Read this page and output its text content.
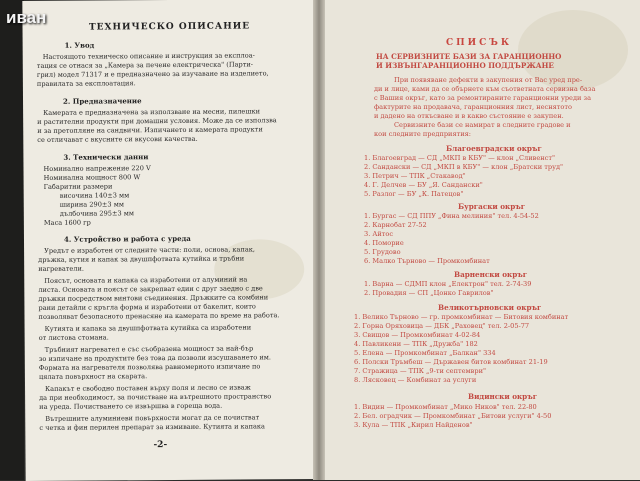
иван
ТЕХНИЧЕСКО ОПИСАНИЕ
1. Увод
Настоящото техническо описание и инструкция за експлоа-
тация се отнася за „Камера за печене електрическа" (Парти-
грил) модел 71317 и е предназначено за изучаване на изделието,
правилата за експлоатация.
2. Предназначение
Камерата е предназначена за използване на месни, пилешки
и растителни продукти при домашни условия. Може да се използва
и за претопляне на сандвичи. Изпичането и камерата продукти
се отличават с вкусните си вкусови качества.
3. Технически данни
Номинално напрежение 220 V
Номинална мощност 800 W
Габаритни размери
височина 140±3 мм
ширина 290±3 мм
дълбочина 295±3 мм
Маса 1600 гр
4. Устройство и работа с уреда
Уредът е изработен от следните части: поли, основа, капак,
дръжка, кутия и капак за двушпфотвата кутийка и тръбни
нагреватели.
Поясът, основата и капака са изработени от алуминий на
листа. Основата и поясът се закрепват един с друг заедно с две
дръжки посредством винтови съединения. Дръжките са комбини
рани детайли с кръгла форма и изработени от бакелит, които
позволяват безопасното пренасяне на камерата по време на работа.
Кутията и капака за двушпфотвата кутийка са изработени
от листова стомана.
Тръбният нагревател е със съобразена мощност за най-бър
зо изпичане на продуктите без това да позволи изсушаването им.
Формата на нагревателя позволява равномерното изпичане по
цялата повърхност на скарата.
Капакът е свободно поставен върху поля и лесно се изваж
да при необходимост, за почистване на вътрешното пространство
на уреда. Почистването се извършва в гореща вода.
Вътрешните алуминиеви повърхности могат да се почистват
с четка и фин перилен препарат за измиване. Кутията и капака
-2-
СПИСЪК
НА СЕРВИЗНИТЕ БАЗИ ЗА ГАРАНЦИОННО
И ИЗВЪНГАРАНЦИОННО ПОДДЪРЖАНЕ
При появяване дефекти в закупения от Вас уред пре-
ди и лице, ками да се обърнете към съответната сервизна база
с Вашия окръг, като за ремонтираните гаранционни уреди за
фактурите на продавача, гаранционния лист, неснятото
и дадено на откъсване и в какво състояние е закупен.
Сервизните бази се намират в следните градове и
кои следните предприятия:
Благоевградски окръг
1. Благоевград — СД „МКП в КБУ" — клон „Сливенст"
2. Сандански — СД „МКП в КБУ" — клон „Братски труд"
3. Петрич — ТПК „Стакавод"
4. Г. Делчев — БУ „Я. Сандански"
5. Разлог — БУ „К. Патецов"
Бургаски окръг
1. Бургас — СД ППУ „Фина мелиния" тел. 4-54-52
2. Карнобат 27-52
3. Айтос
4. Поморие
5. Грудово
6. Малко Търново — Промкомбинат
Варненски окръг
1. Варна — СДМП клон „Електрон" тел. 2-74-39
2. Провадия — СП „Цонко Гаврилов"
Великотърновски окръг
1. Велико Търново — гр. промкомбинат — Битовия комбинат
2. Горна Оряховица — ДБК „Раховец" тел. 2-05-77
3. Свищов — Промкомбинат 4-02-84
4. Павликени — ТПК „Дружба" 182
5. Елена — Промкомбинат „Балкан" 334
6. Полски Тръмбеш — Държавен битов комбинат 21-19
7. Стражица — ТПК „9-ти септември"
8. Лясковец — Комбинат за услуги
Видински окръг
1. Видин — Промкомбинат „Мико Ников" тел. 22-80
2. Бел. оградчик — Промкомбинат „Битови услуги" 4-50
3. Кула — ТПК „Кирил Найденов"
